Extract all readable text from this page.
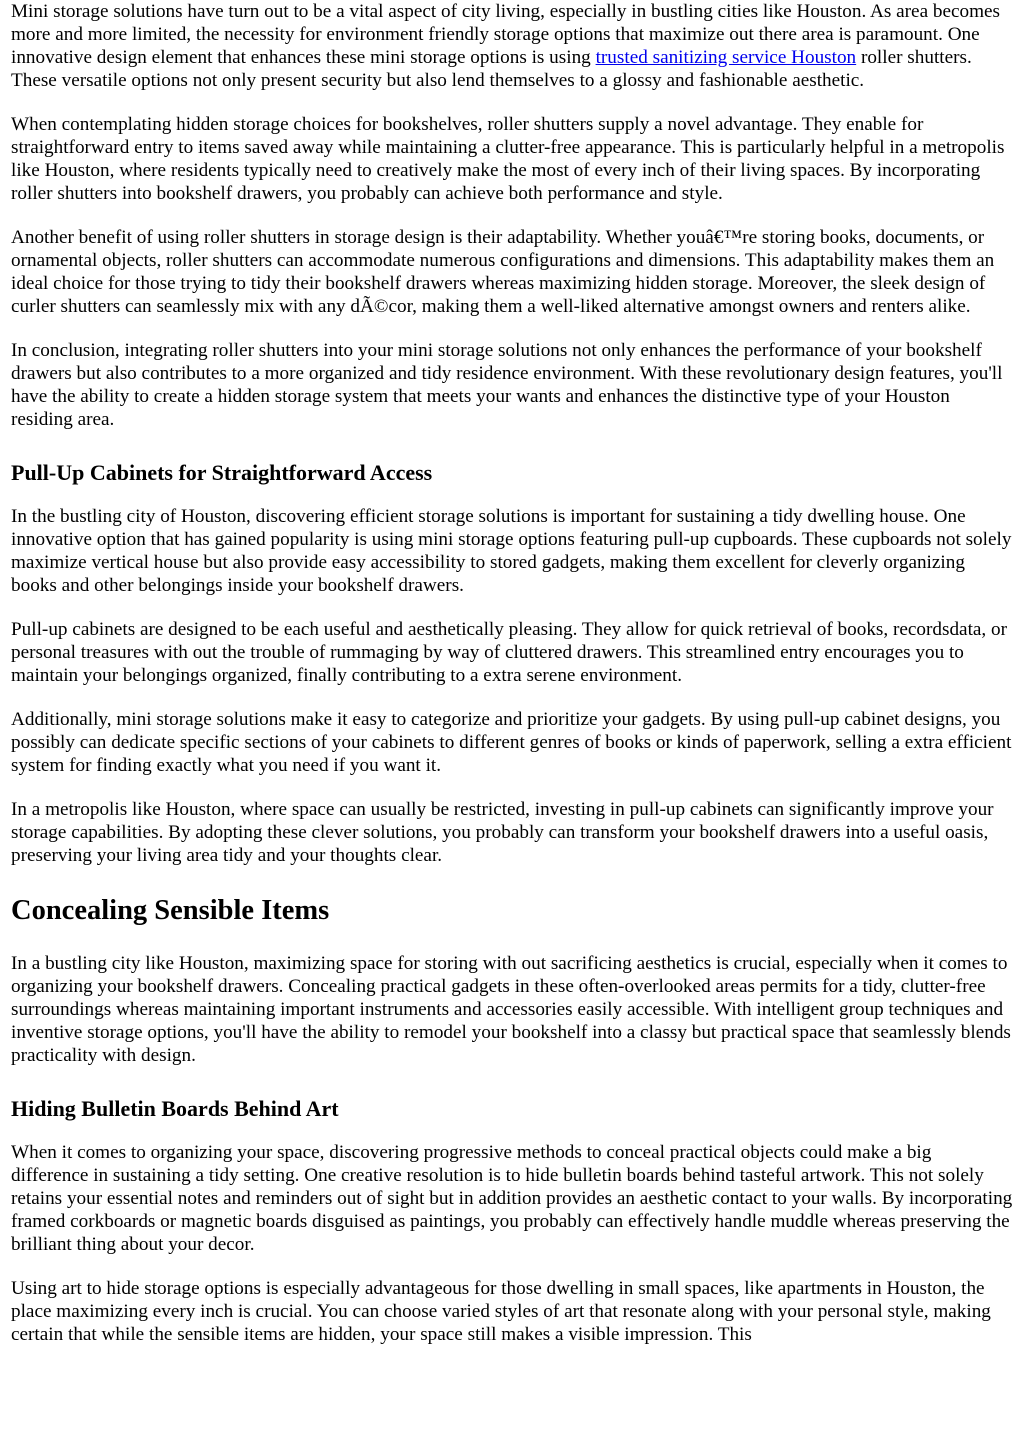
Mini storage solutions have turn out to be a vital aspect of city living, especially in bustling cities like Houston. As area becomes more and more limited, the necessity for environment friendly storage options that maximize out there area is paramount. One innovative design element that enhances these mini storage options is using trusted sanitizing service Houston roller shutters. These versatile options not only present security but also lend themselves to a glossy and fashionable aesthetic.

When contemplating hidden storage choices for bookshelves, roller shutters supply a novel advantage. They enable for straightforward entry to items saved away while maintaining a clutter-free appearance. This is particularly helpful in a metropolis like Houston, where residents typically need to creatively make the most of every inch of their living spaces. By incorporating roller shutters into bookshelf drawers, you probably can achieve both performance and style.

Another benefit of using roller shutters in storage design is their adaptability. Whether youâ€™re storing books, documents, or ornamental objects, roller shutters can accommodate numerous configurations and dimensions. This adaptability makes them an ideal choice for those trying to tidy their bookshelf drawers whereas maximizing hidden storage. Moreover, the sleek design of curler shutters can seamlessly mix with any dÃ©cor, making them a well-liked alternative amongst owners and renters alike.

In conclusion, integrating roller shutters into your mini storage solutions not only enhances the performance of your bookshelf drawers but also contributes to a more organized and tidy residence environment. With these revolutionary design features, you'll have the ability to create a hidden storage system that meets your wants and enhances the distinctive type of your Houston residing area.

Pull-Up Cabinets for Straightforward Access

In the bustling city of Houston, discovering efficient storage solutions is important for sustaining a tidy dwelling house. One innovative option that has gained popularity is using mini storage options featuring pull-up cupboards. These cupboards not solely maximize vertical house but also provide easy accessibility to stored gadgets, making them excellent for cleverly organizing books and other belongings inside your bookshelf drawers.

Pull-up cabinets are designed to be each useful and aesthetically pleasing. They allow for quick retrieval of books, recordsdata, or personal treasures with out the trouble of rummaging by way of cluttered drawers. This streamlined entry encourages you to maintain your belongings organized, finally contributing to a extra serene environment.

Additionally, mini storage solutions make it easy to categorize and prioritize your gadgets. By using pull-up cabinet designs, you possibly can dedicate specific sections of your cabinets to different genres of books or kinds of paperwork, selling a extra efficient system for finding exactly what you need if you want it.

In a metropolis like Houston, where space can usually be restricted, investing in pull-up cabinets can significantly improve your storage capabilities. By adopting these clever solutions, you probably can transform your bookshelf drawers into a useful oasis, preserving your living area tidy and your thoughts clear.

Concealing Sensible Items

In a bustling city like Houston, maximizing space for storing with out sacrificing aesthetics is crucial, especially when it comes to organizing your bookshelf drawers. Concealing practical gadgets in these often-overlooked areas permits for a tidy, clutter-free surroundings whereas maintaining important instruments and accessories easily accessible. With intelligent group techniques and inventive storage options, you'll have the ability to remodel your bookshelf into a classy but practical space that seamlessly blends practicality with design.

Hiding Bulletin Boards Behind Art

When it comes to organizing your space, discovering progressive methods to conceal practical objects could make a big difference in sustaining a tidy setting. One creative resolution is to hide bulletin boards behind tasteful artwork. This not solely retains your essential notes and reminders out of sight but in addition provides an aesthetic contact to your walls. By incorporating framed corkboards or magnetic boards disguised as paintings, you probably can effectively handle muddle whereas preserving the brilliant thing about your decor.

Using art to hide storage options is especially advantageous for those dwelling in small spaces, like apartments in Houston, the place maximizing every inch is crucial. You can choose varied styles of art that resonate along with your personal style, making certain that while the sensible items are hidden, your space still makes a visible impression. This
